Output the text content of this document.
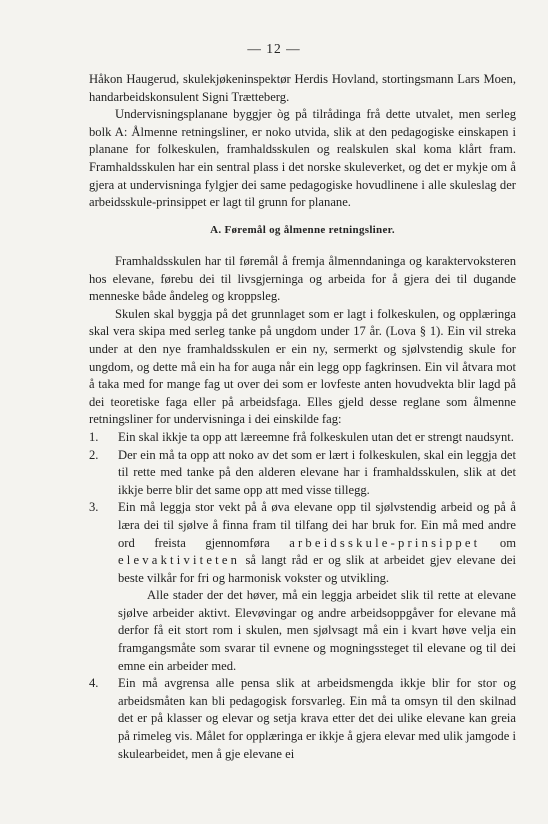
— 12 —

Håkon Haugerud, skulekjøkeninspektør Herdis Hovland, stortingsmann Lars Moen, handarbeidskonsulent Signi Trætteberg.

Undervisningsplanane byggjer òg på tilrådinga frå dette utvalet, men serleg bolk A: Ålmenne retningsliner, er noko utvida, slik at den pedagogiske einskapen i planane for folkeskulen, framhaldsskulen og realskulen skal koma klårt fram. Framhaldsskulen har ein sentral plass i det norske skuleverket, og det er mykje om å gjera at undervisninga fylgjer dei same pedagogiske hovudlinene i alle skuleslag der arbeidsskule-prinsippet er lagt til grunn for planane.

A. Føremål og ålmenne retningsliner.

Framhaldsskulen har til føremål å fremja ålmenndaninga og karaktervoksteren hos elevane, førebu dei til livsgjerninga og arbeida for å gjera dei til dugande menneske både åndeleg og kroppsleg.

Skulen skal byggja på det grunnlaget som er lagt i folkeskulen, og opplæringa skal vera skipa med serleg tanke på ungdom under 17 år. (Lova § 1). Ein vil streka under at den nye framhaldsskulen er ein ny, sermerkt og sjølvstendig skule for ungdom, og dette må ein ha for auga når ein legg opp fagkrinsen. Ein vil åtvara mot å taka med for mange fag ut over dei som er lovfeste anten hovudvekta blir lagd på dei teoretiske faga eller på arbeidsfaga. Elles gjeld desse reglane som ålmenne retningsliner for undervisninga i dei einskilde fag:

1. Ein skal ikkje ta opp att læreemne frå folkeskulen utan det er strengt naudsynt.
2. Der ein må ta opp att noko av det som er lært i folkeskulen, skal ein leggja det til rette med tanke på den alderen elevane har i framhaldsskulen, slik at det ikkje berre blir det same opp att med visse tillegg.
3. Ein må leggja stor vekt på å øva elevane opp til sjølvstendig arbeid og på å læra dei til sjølve å finna fram til tilfang dei har bruk for. Ein må med andre ord freista gjennomføra arbeidsskule-prinsippet om elevaktiviteten så langt råd er og slik at arbeidet gjev elevane dei beste vilkår for fri og harmonisk vokster og utvikling.

Alle stader der det høver, må ein leggja arbeidet slik til rette at elevane sjølve arbeider aktivt. Elevøvingar og andre arbeidsoppgåver for elevane må derfor få eit stort rom i skulen, men sjølvsagt må ein i kvart høve velja ein framgangsmåte som svarar til evnene og mogningssteget til elevane og til dei emne ein arbeider med.

4. Ein må avgrensa alle pensa slik at arbeidsmengda ikkje blir for stor og arbeidsmåten kan bli pedagogisk forsvarleg. Ein må ta omsyn til den skilnad det er på klasser og elevar og setja krava etter det dei ulike elevane kan greia på rimeleg vis. Målet for opplæringa er ikkje å gjera elevar med ulik jamgode i skulearbeidet, men å gje elevane ei
